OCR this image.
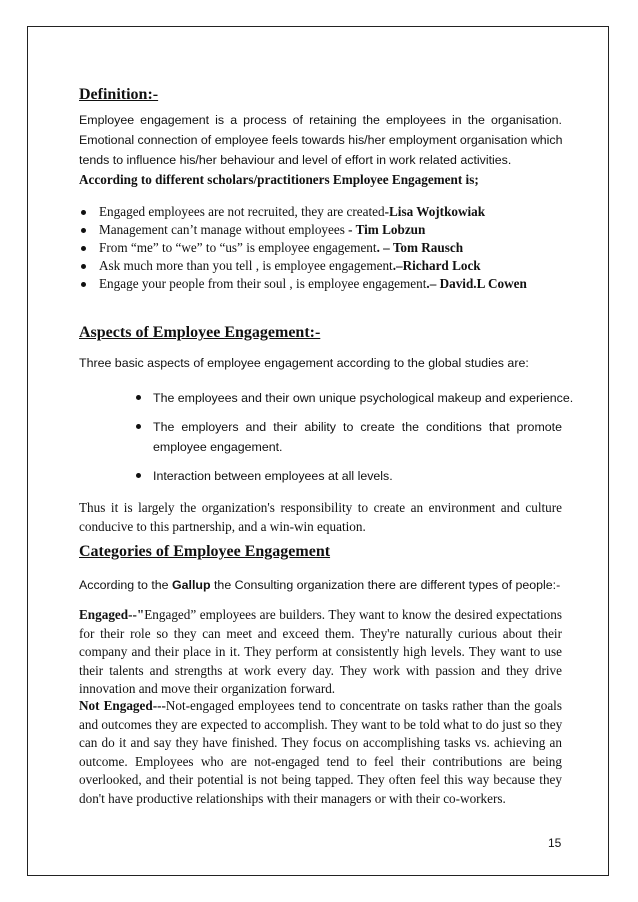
Definition:-
Employee engagement is a process of retaining the employees in the organisation.
Emotional connection of employee feels towards his/her employment organisation which
tends to influence his/her behaviour and level of effort in work related activities.
According to different scholars/practitioners Employee Engagement is;
Engaged employees are not recruited, they are created-Lisa Wojtkowiak
Management can’t manage without employees - Tim Lobzun
From “me” to “we” to “us” is employee engagement. – Tom Rausch
Ask much more than you tell , is employee engagement.–Richard Lock
Engage your people from their soul , is employee engagement.– David.L Cowen
Aspects of Employee Engagement:-
Three basic aspects of employee engagement according to the global studies are:
The employees and their own unique psychological makeup and experience.
The employers and their ability to create the conditions that promote
employee engagement.
Interaction between employees at all levels.
Thus it is largely the organization's responsibility to create an environment and culture
conducive to this partnership, and a win-win equation.
Categories of Employee Engagement
According to the Gallup the Consulting organization there are different types of people:-
Engaged--"Engaged” employees are builders. They want to know the desired expectations
for their role so they can meet and exceed them. They're naturally curious about their
company and their place in it. They perform at consistently high levels. They want to use
their talents and strengths at work every day. They work with passion and they drive
innovation and move their organization forward.
Not Engaged---Not-engaged employees tend to concentrate on tasks rather than the goals
and outcomes they are expected to accomplish. They want to be told what to do just so they
can do it and say they have finished. They focus on accomplishing tasks vs. achieving an
outcome. Employees who are not-engaged tend to feel their contributions are being
overlooked, and their potential is not being tapped. They often feel this way because they
don't have productive relationships with their managers or with their co-workers.
15
